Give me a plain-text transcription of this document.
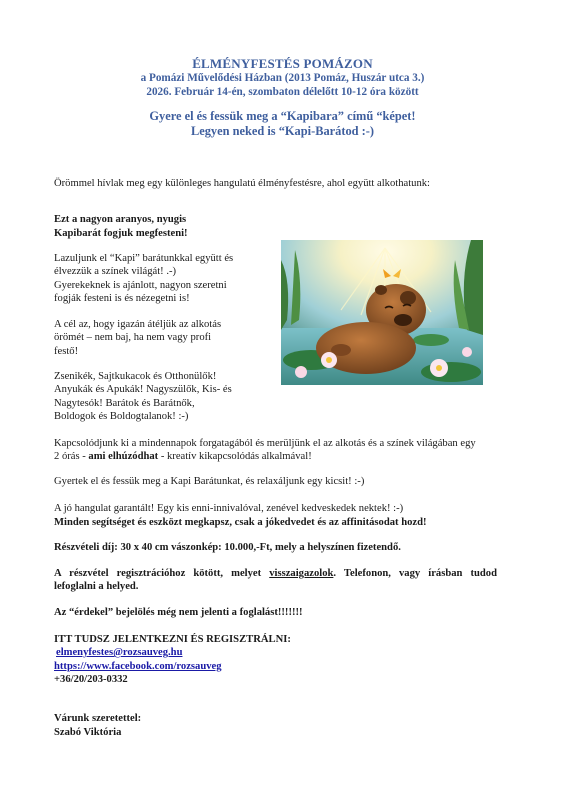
ÉLMÉNYFESTÉS POMÁZON
a Pomázi Művelődési Házban (2013 Pomáz, Huszár utca 3.)
2026. Február 14-én, szombaton délelőtt 10-12 óra között
Gyere el és fessük meg a “Kapibara” című “képet!
Legyen neked is “Kapi-Barátod :-)
Örömmel hívlak meg egy különleges hangulatú élményfestésre, ahol együtt alkothatunk:
Ezt a nagyon aranyos, nyugis
Kapibarát fogjuk megfesteni!
Lazuljunk el “Kapi” barátunkkal együtt és
élvezzük a színek világát! .-)
Gyerekeknek is ajánlott, nagyon szeretni
fogják festeni is és nézegetni is!
A cél az, hogy igazán átéljük az alkotás
örömét – nem baj, ha nem vagy profi
festő!
Zsenikék, Sajtkukacok és Otthonülők!
Anyukák és Apukák! Nagyszülők, Kis- és
Nagytesók! Barátok és Barátnők,
Boldogok és Boldogtalanok! :-)
Kapcsolódjunk ki a mindennapok forgatagából és merüljünk el az alkotás és a színek világában egy
2 órás - ami elhúzódhat - kreatív kikapcsolódás alkalmával!
Gyertek el és fessük meg a Kapi Barátunkat, és relaxáljunk egy kicsit! :-)
A jó hangulat garantált! Egy kis enni-innivalóval, zenével kedveskedek nektek! :-)
Minden segítséget és eszközt megkapsz, csak a jókedvedet és az affinitásodat hozd!
Részvételi díj: 30 x 40 cm vászonkép: 10.000,-Ft, mely a helyszínen fizetendő.
A részvétel regisztrációhoz kötött, melyet visszaigazolok. Telefonon, vagy írásban tudod
lefoglalni a helyed.
Az “érdekel” bejelölés még nem jelenti a foglalást!!!!!!!
ITT TUDSZ JELENTKEZNI ÉS REGISZTRÁLNI:
elmenyfestes@rozsauveg.hu
https://www.facebook.com/rozsauveg
+36/20/203-0332
Várunk szeretettel:
Szabó Viktória
